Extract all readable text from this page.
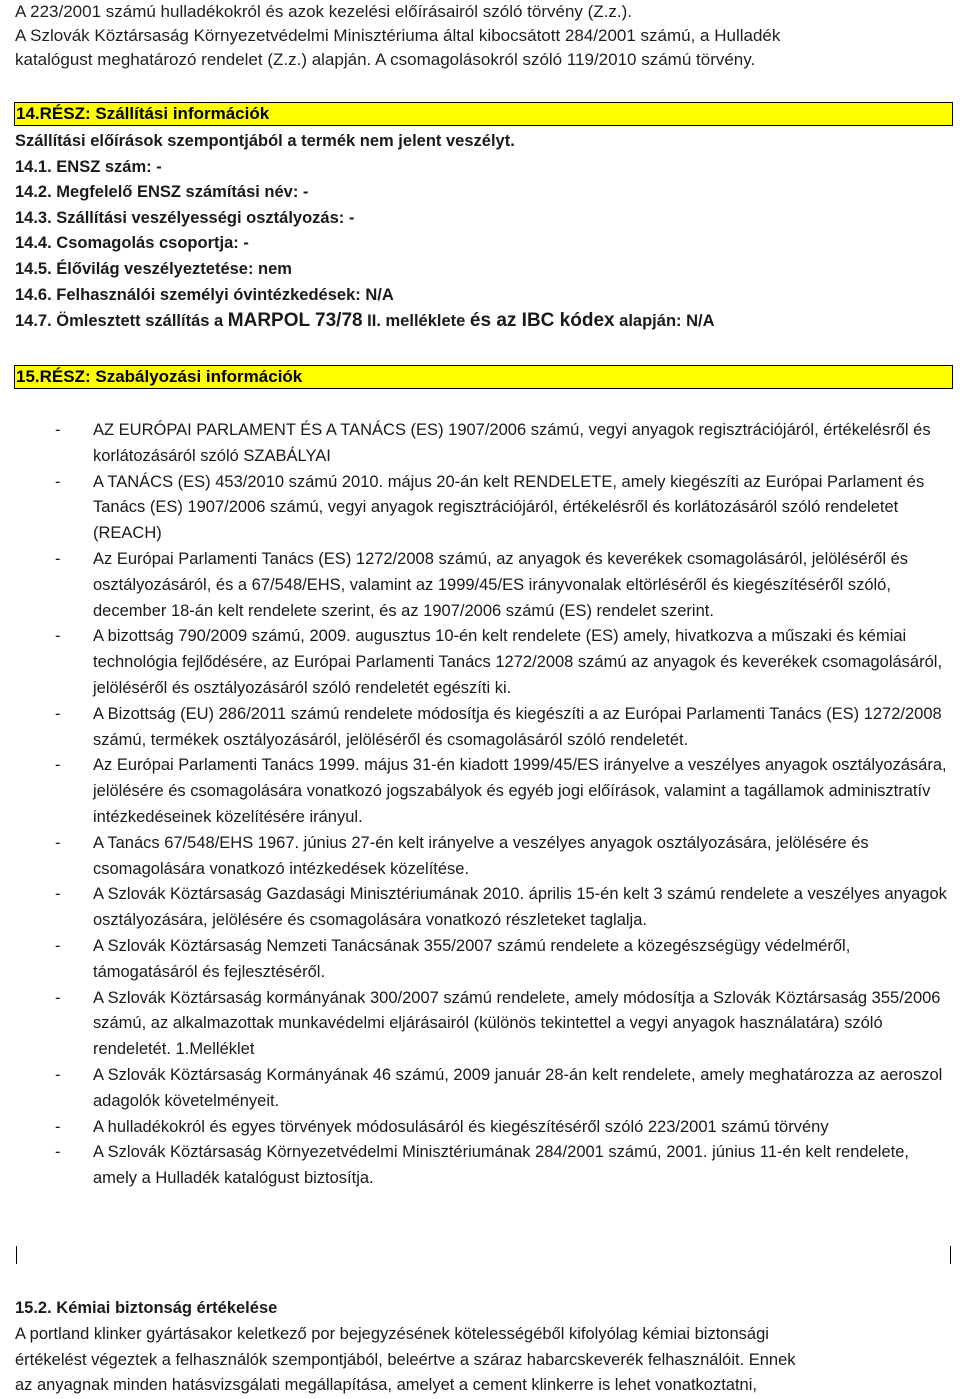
A 223/2001 számú hulladékokról és azok kezelési előírásairól szóló törvény (Z.z.).

A Szlovák Köztársaság Környezetvédelmi Minisztériuma által kibocsátott 284/2001 számú, a Hulladék

katalógust meghatározó rendelet (Z.z.) alapján. A csomagolásokról szóló 119/2010 számú törvény.

14.RÉSZ: Szállítási információk

Szállítási előírások szempontjából a termék nem jelent veszélyt.

14.1. ENSZ szám: -

14.2. Megfelelő ENSZ számítási név: -

14.3. Szállítási veszélyességi osztályozás: -

14.4. Csomagolás csoportja: -

14.5. Élővilág veszélyeztetése: nem

14.6. Felhasználói személyi óvintézkedések: N/A

14.7. Ömlesztett szállítás a MARPOL 73/78 II. melléklete és az IBC kódex alapján: N/A

15.RÉSZ: Szabályozási információk
- AZ EURÓPAI PARLAMENT ÉS A TANÁCS (ES) 1907/2006 számú, vegyi anyagok regisztrációjáról, értékelésről és korlátozásáról szóló SZABÁLYAI
- A TANÁCS (ES) 453/2010 számú 2010. május 20-án kelt RENDELETE, amely kiegészíti az Európai Parlament és Tanács (ES) 1907/2006 számú, vegyi anyagok regisztrációjáról, értékelésről és korlátozásáról szóló rendeletet (REACH)
- Az Európai Parlamenti Tanács (ES) 1272/2008 számú, az anyagok és keverékek csomagolásáról, jelöléséről és osztályozásáról, és a 67/548/EHS, valamint az 1999/45/ES irányvonalak eltörléséről és kiegészítéséről szóló, december 18-án kelt rendelete szerint, és az 1907/2006 számú (ES) rendelet szerint.
- A bizottság 790/2009 számú, 2009. augusztus 10-én kelt rendelete (ES) amely, hivatkozva a műszaki és kémiai technológia fejlődésére, az Európai Parlamenti Tanács 1272/2008 számú az anyagok és keverékek csomagolásáról, jelöléséről és osztályozásáról szóló rendeletét egészíti ki.
- A Bizottság (EU) 286/2011 számú rendelete módosítja és kiegészíti a az Európai Parlamenti Tanács (ES) 1272/2008 számú, termékek osztályozásáról, jelöléséről és csomagolásáról szóló rendeletét.
- Az Európai Parlamenti Tanács 1999. május 31-én kiadott 1999/45/ES irányelve a veszélyes anyagok osztályozására, jelölésére és csomagolására vonatkozó jogszabályok és egyéb jogi előírások, valamint a tagállamok adminisztratív intézkedéseinek közelítésére irányul.
- A Tanács 67/548/EHS 1967. június 27-én kelt irányelve a veszélyes anyagok osztályozására, jelölésére és csomagolására vonatkozó intézkedések közelítése.
- A Szlovák Köztársaság Gazdasági Minisztériumának 2010. április 15-én kelt 3 számú rendelete a veszélyes anyagok osztályozására, jelölésére és csomagolására vonatkozó részleteket taglalja.
- A Szlovák Köztársaság Nemzeti Tanácsának 355/2007 számú rendelete a közegészségügy védelméről, támogatásáról és fejlesztéséről.
- A Szlovák Köztársaság kormányának 300/2007 számú rendelete, amely módosítja a Szlovák Köztársaság 355/2006 számú, az alkalmazottak munkavédelmi eljárásairól (különös tekintettel a vegyi anyagok használatára) szóló rendeletét. 1.Melléklet
- A Szlovák Köztársaság Kormányának 46 számú, 2009 január 28-án kelt rendelete, amely meghatározza az aeroszol adagolók követelményeit.
- A hulladékokról és egyes törvények módosulásáról és kiegészítéséről szóló 223/2001 számú törvény
- A Szlovák Köztársaság Környezetvédelmi Minisztériumának 284/2001 számú, 2001. június 11-én kelt rendelete, amely a Hulladék katalógust biztosítja.
15.2. Kémiai biztonság értékelése

A portland klinker gyártásakor keletkező por bejegyzésének kötelességéből kifolyólag kémiai biztonsági

értékelést végeztek a felhasználók szempontjából, beleértve a száraz habarcskeverék felhasználóit. Ennek

az anyagnak minden hatásvizsgálati megállapítása, amelyet a cement klinkerre is lehet vonatkoztatni,
